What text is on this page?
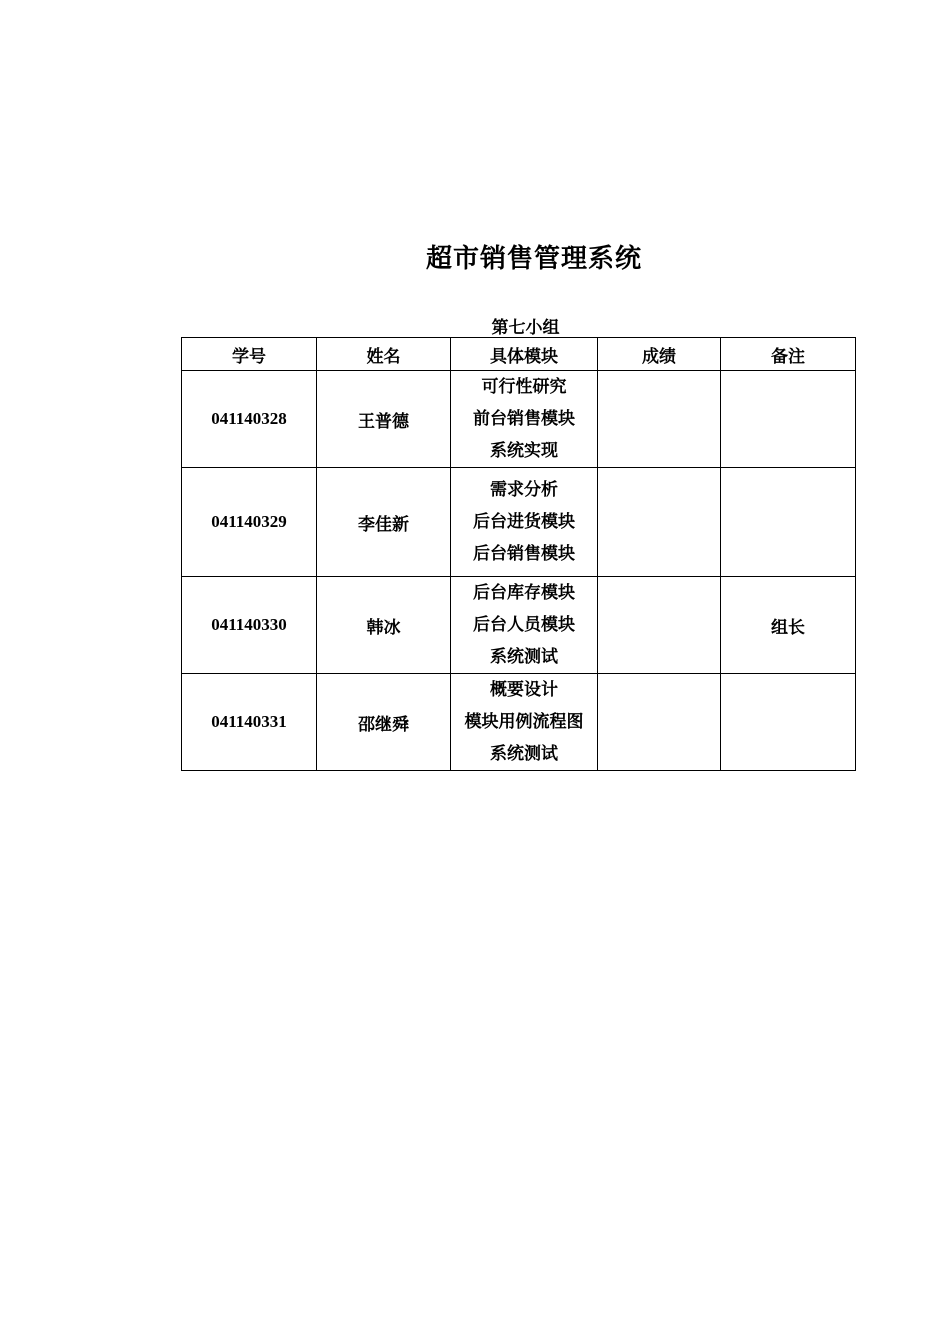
超市销售管理系统
第七小组
学号	姓名	具体模块	成绩	备注
041140328	王普德	可行性研究
前台销售模块
系统实现		

041140329	李佳新	需求分析
后台进货模块
后台销售模块		

041140330	韩冰	后台库存模块
后台人员模块
系统测试		组长
041140331	邵继舜	概要设计
模块用例流程图
系统测试		
